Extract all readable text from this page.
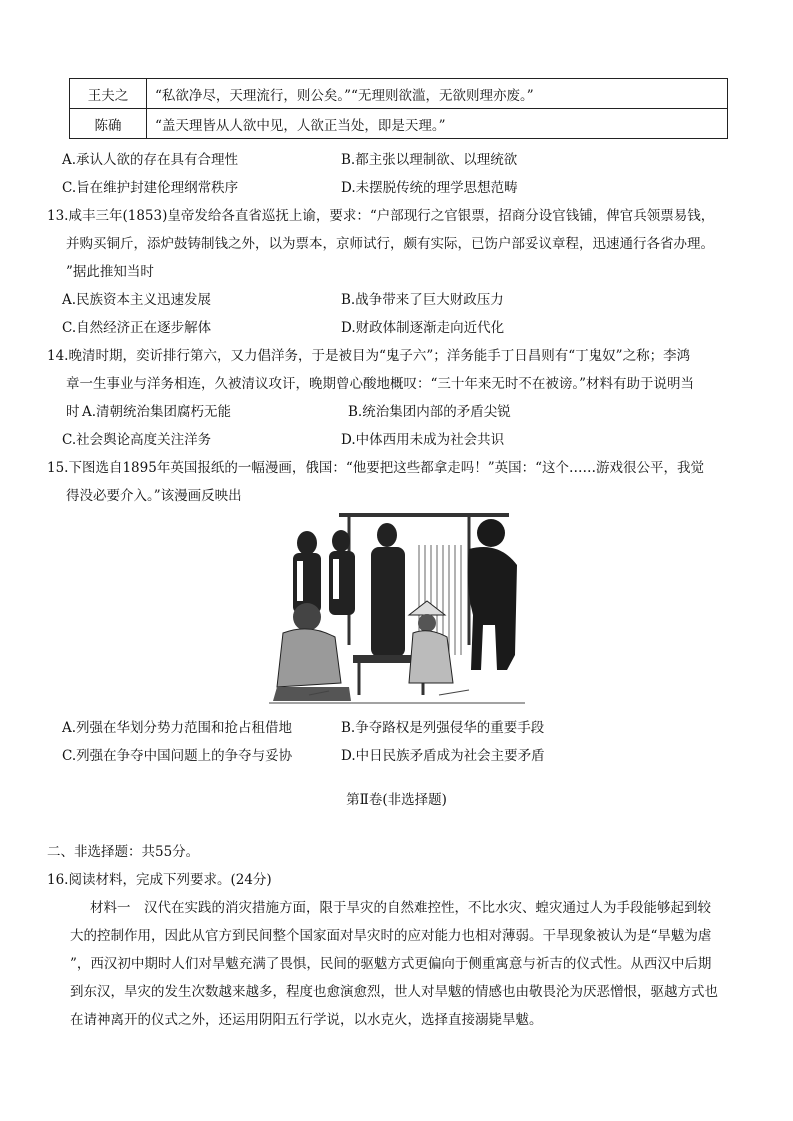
王夫之	“私欲净尽，天理流行，则公矣。”“无理则欲滥，无欲则理亦废。”
陈确	“盖天理皆从人欲中见，人欲正当处，即是天理。”
A.承认人欲的存在具有合理性	B.都主张以理制欲、以理统欲
C.旨在维护封建伦理纲常秩序	D.未摆脱传统的理学思想范畴
13.咸丰三年(1853)皇帝发给各直省巡抚上谕，要求：“户部现行之官银票，招商分设官钱铺，俾官兵领票易钱，
并购买铜斤，添炉鼓铸制钱之外，以为票本，京师试行，颇有实际，已饬户部妥议章程，迅速通行各省办理。
”据此推知当时
A.民族资本主义迅速发展	B.战争带来了巨大财政压力
C.自然经济正在逐步解体	D.财政体制逐渐走向近代化
14.晚清时期，奕䜣排行第六，又力倡洋务，于是被目为“鬼子六”；洋务能手丁日昌则有“丁鬼奴”之称；李鸿
章一生事业与洋务相连，久被清议攻讦，晚期曾心酸地概叹：“三十年来无时不在被谤。”材料有助于说明当
时 A.清朝统治集团腐朽无能	B.统治集团内部的矛盾尖锐
C.社会舆论高度关注洋务	D.中体西用未成为社会共识
15.下图选自1895年英国报纸的一幅漫画，俄国：“他要把这些都拿走吗！”英国：“这个……游戏很公平，我觉
得没必要介入。”该漫画反映出
A.列强在华划分势力范围和抢占租借地	B.争夺路权是列强侵华的重要手段
C.列强在争夺中国问题上的争夺与妥协	D.中日民族矛盾成为社会主要矛盾
第Ⅱ卷(非选择题)
二、非选择题：共55分。
16.阅读材料，完成下列要求。(24分)
材料一　汉代在实践的消灾措施方面，限于旱灾的自然难控性，不比水灾、蝗灾通过人为手段能够起到较
大的控制作用，因此从官方到民间整个国家面对旱灾时的应对能力也相对薄弱。干旱现象被认为是“旱魃为虐
”，西汉初中期时人们对旱魃充满了畏惧，民间的驱魃方式更偏向于侧重寓意与祈吉的仪式性。从西汉中后期
到东汉，旱灾的发生次数越来越多，程度也愈演愈烈，世人对旱魃的情感也由敬畏沦为厌恶憎恨，驱越方式也
在请神离开的仪式之外，还运用阴阳五行学说，以水克火，选择直接溺毙旱魃。
